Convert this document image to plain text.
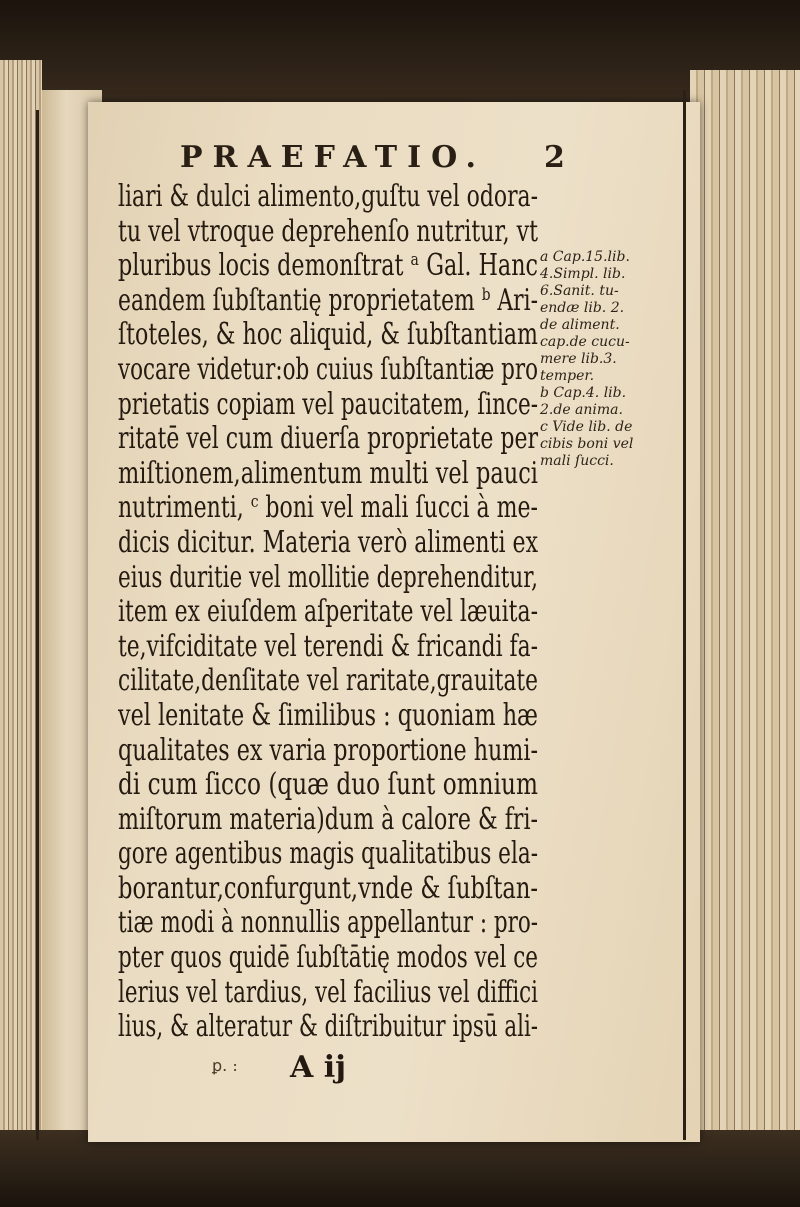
PRAEFATIO.	2
liari & dulci alimento,guſtu vel odora-
tu vel vtroque deprehenſo nutritur, vt
pluribus locis demonſtrat ᵃ Gal. Hanc
eandem ſubſtantię proprietatem ᵇ Ari-
ſtoteles, & hoc aliquid, & ſubſtantiam
vocare videtur:ob cuius ſubſtantiæ pro
prietatis copiam vel paucitatem, ſince-
ritatē vel cum diuerſa proprietate per
miſtionem,alimentum multi vel pauci
nutrimenti, ᶜ boni vel mali ſucci à me-
dicis dicitur. Materia verò alimenti ex
eius duritie vel mollitie deprehenditur,
item ex eiuſdem aſperitate vel læuita-
te,vifciditate vel terendi & fricandi fa-
cilitate,denſitate vel raritate,grauitate
vel lenitate & ſimilibus : quoniam hæ
qualitates ex varia proportione humi-
di cum ſicco (quæ duo ſunt omnium
miſtorum materia)dum à calore & fri-
gore agentibus magis qualitatibus ela-
borantur,confurgunt,vnde & ſubſtan-
tiæ modi à nonnullis appellantur : pro-
pter quos quidē ſubſtātię modos vel ce
lerius vel tardius, vel facilius vel diffici
lius, & alteratur & diſtribuitur ipsū ali-
a Cap.15.lib.
4.Simpl. lib.
6.Sanit. tu-
endæ lib. 2.
de aliment.
cap.de cucu-
mere lib.3.
temper.
b Cap.4. lib.
2.de anima.
c Vide lib. de
cibis boni vel
mali ſucci.
ꝑ. : A ij
